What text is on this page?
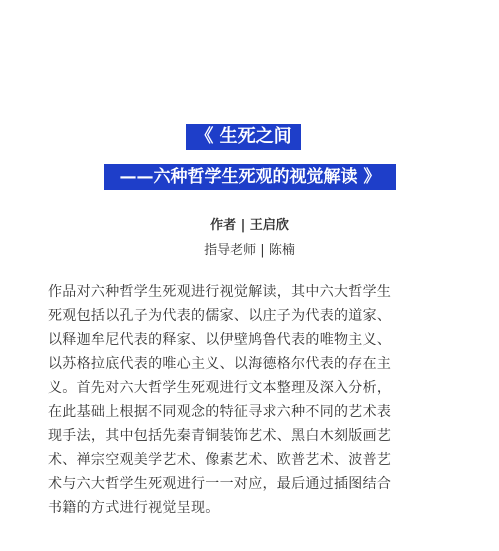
《 生死之间
——六种哲学生死观的视觉解读 》
作者 | 王启欣
指导老师 | 陈楠
作品对六种哲学生死观进行视觉解读，其中六大哲学生
死观包括以孔子为代表的儒家、以庄子为代表的道家、
以释迦牟尼代表的释家、以伊壁鸠鲁代表的唯物主义、
以苏格拉底代表的唯心主义、以海德格尔代表的存在主
义。首先对六大哲学生死观进行文本整理及深入分析，
在此基础上根据不同观念的特征寻求六种不同的艺术表
现手法，其中包括先秦青铜装饰艺术、黑白木刻版画艺
术、禅宗空观美学艺术、像素艺术、欧普艺术、波普艺
术与六大哲学生死观进行一一对应，最后通过插图结合
书籍的方式进行视觉呈现。
